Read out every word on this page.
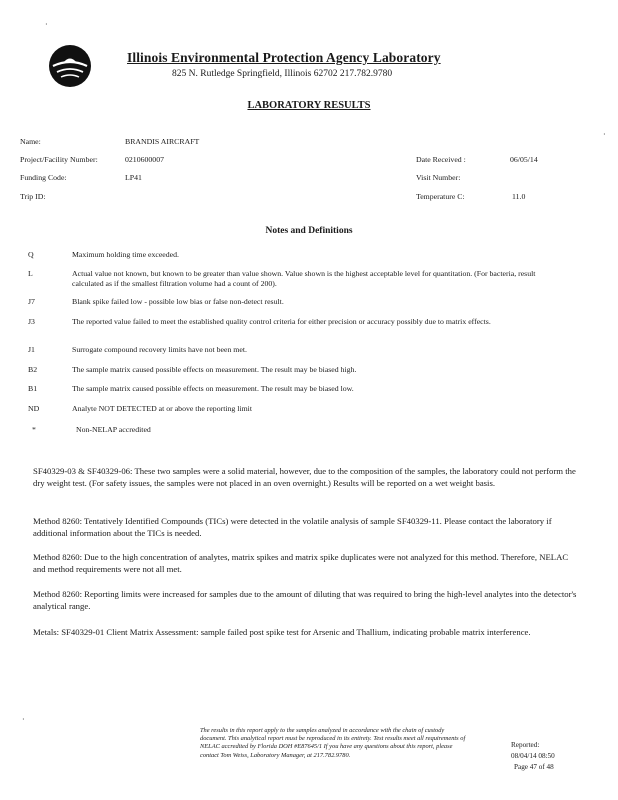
Illinois Environmental Protection Agency Laboratory
825 N. Rutledge Springfield, Illinois 62702 217.782.9780
LABORATORY RESULTS
Name:	BRANDIS AIRCRAFT
Project/Facility Number:	0210600007
Funding Code:	LP41
Trip ID:
Date Received :	06/05/14
Visit Number:
Temperature C:	11.0
Notes and Definitions
Q	Maximum holding time exceeded.
L	Actual value not known, but known to be greater than value shown. Value shown is the highest acceptable level for quantitation. (For bacteria, result calculated as if the smallest filtration volume had a count of 200).
J7	Blank spike failed low - possible low bias or false non-detect result.
J3	The reported value failed to meet the established quality control criteria for either precision or accuracy possibly due to matrix effects.
J1	Surrogate compound recovery limits have not been met.
B2	The sample matrix caused possible effects on measurement. The result may be biased high.
B1	The sample matrix caused possible effects on measurement. The result may be biased low.
ND	Analyte NOT DETECTED at or above the reporting limit
*	Non-NELAP accredited
SF40329-03 & SF40329-06: These two samples were a solid material, however, due to the composition of the samples, the laboratory could not perform the dry weight test. (For safety issues, the samples were not placed in an oven overnight.) Results will be reported on a wet weight basis.
Method 8260: Tentatively Identified Compounds (TICs) were detected in the volatile analysis of sample SF40329-11. Please contact the laboratory if additional information about the TICs is needed.
Method 8260: Due to the high concentration of analytes, matrix spikes and matrix spike duplicates were not analyzed for this method. Therefore, NELAC and method requirements were not all met.
Method 8260: Reporting limits were increased for samples due to the amount of diluting that was required to bring the high-level analytes into the detector's analytical range.
Metals: SF40329-01 Client Matrix Assessment: sample failed post spike test for Arsenic and Thallium, indicating probable matrix interference.
The results in this report apply to the samples analyzed in accordance with the chain of custody document. This analytical report must be reproduced in its entirety. Test results meet all requirements of NELAC accredited by Florida DOH #E87645/1 If you have any questions about this report, please contact Tom Weiss, Laboratory Manager, at 217.782.9780.
Reported:
08/04/14 08:50
Page 47 of 48
·
·
·
